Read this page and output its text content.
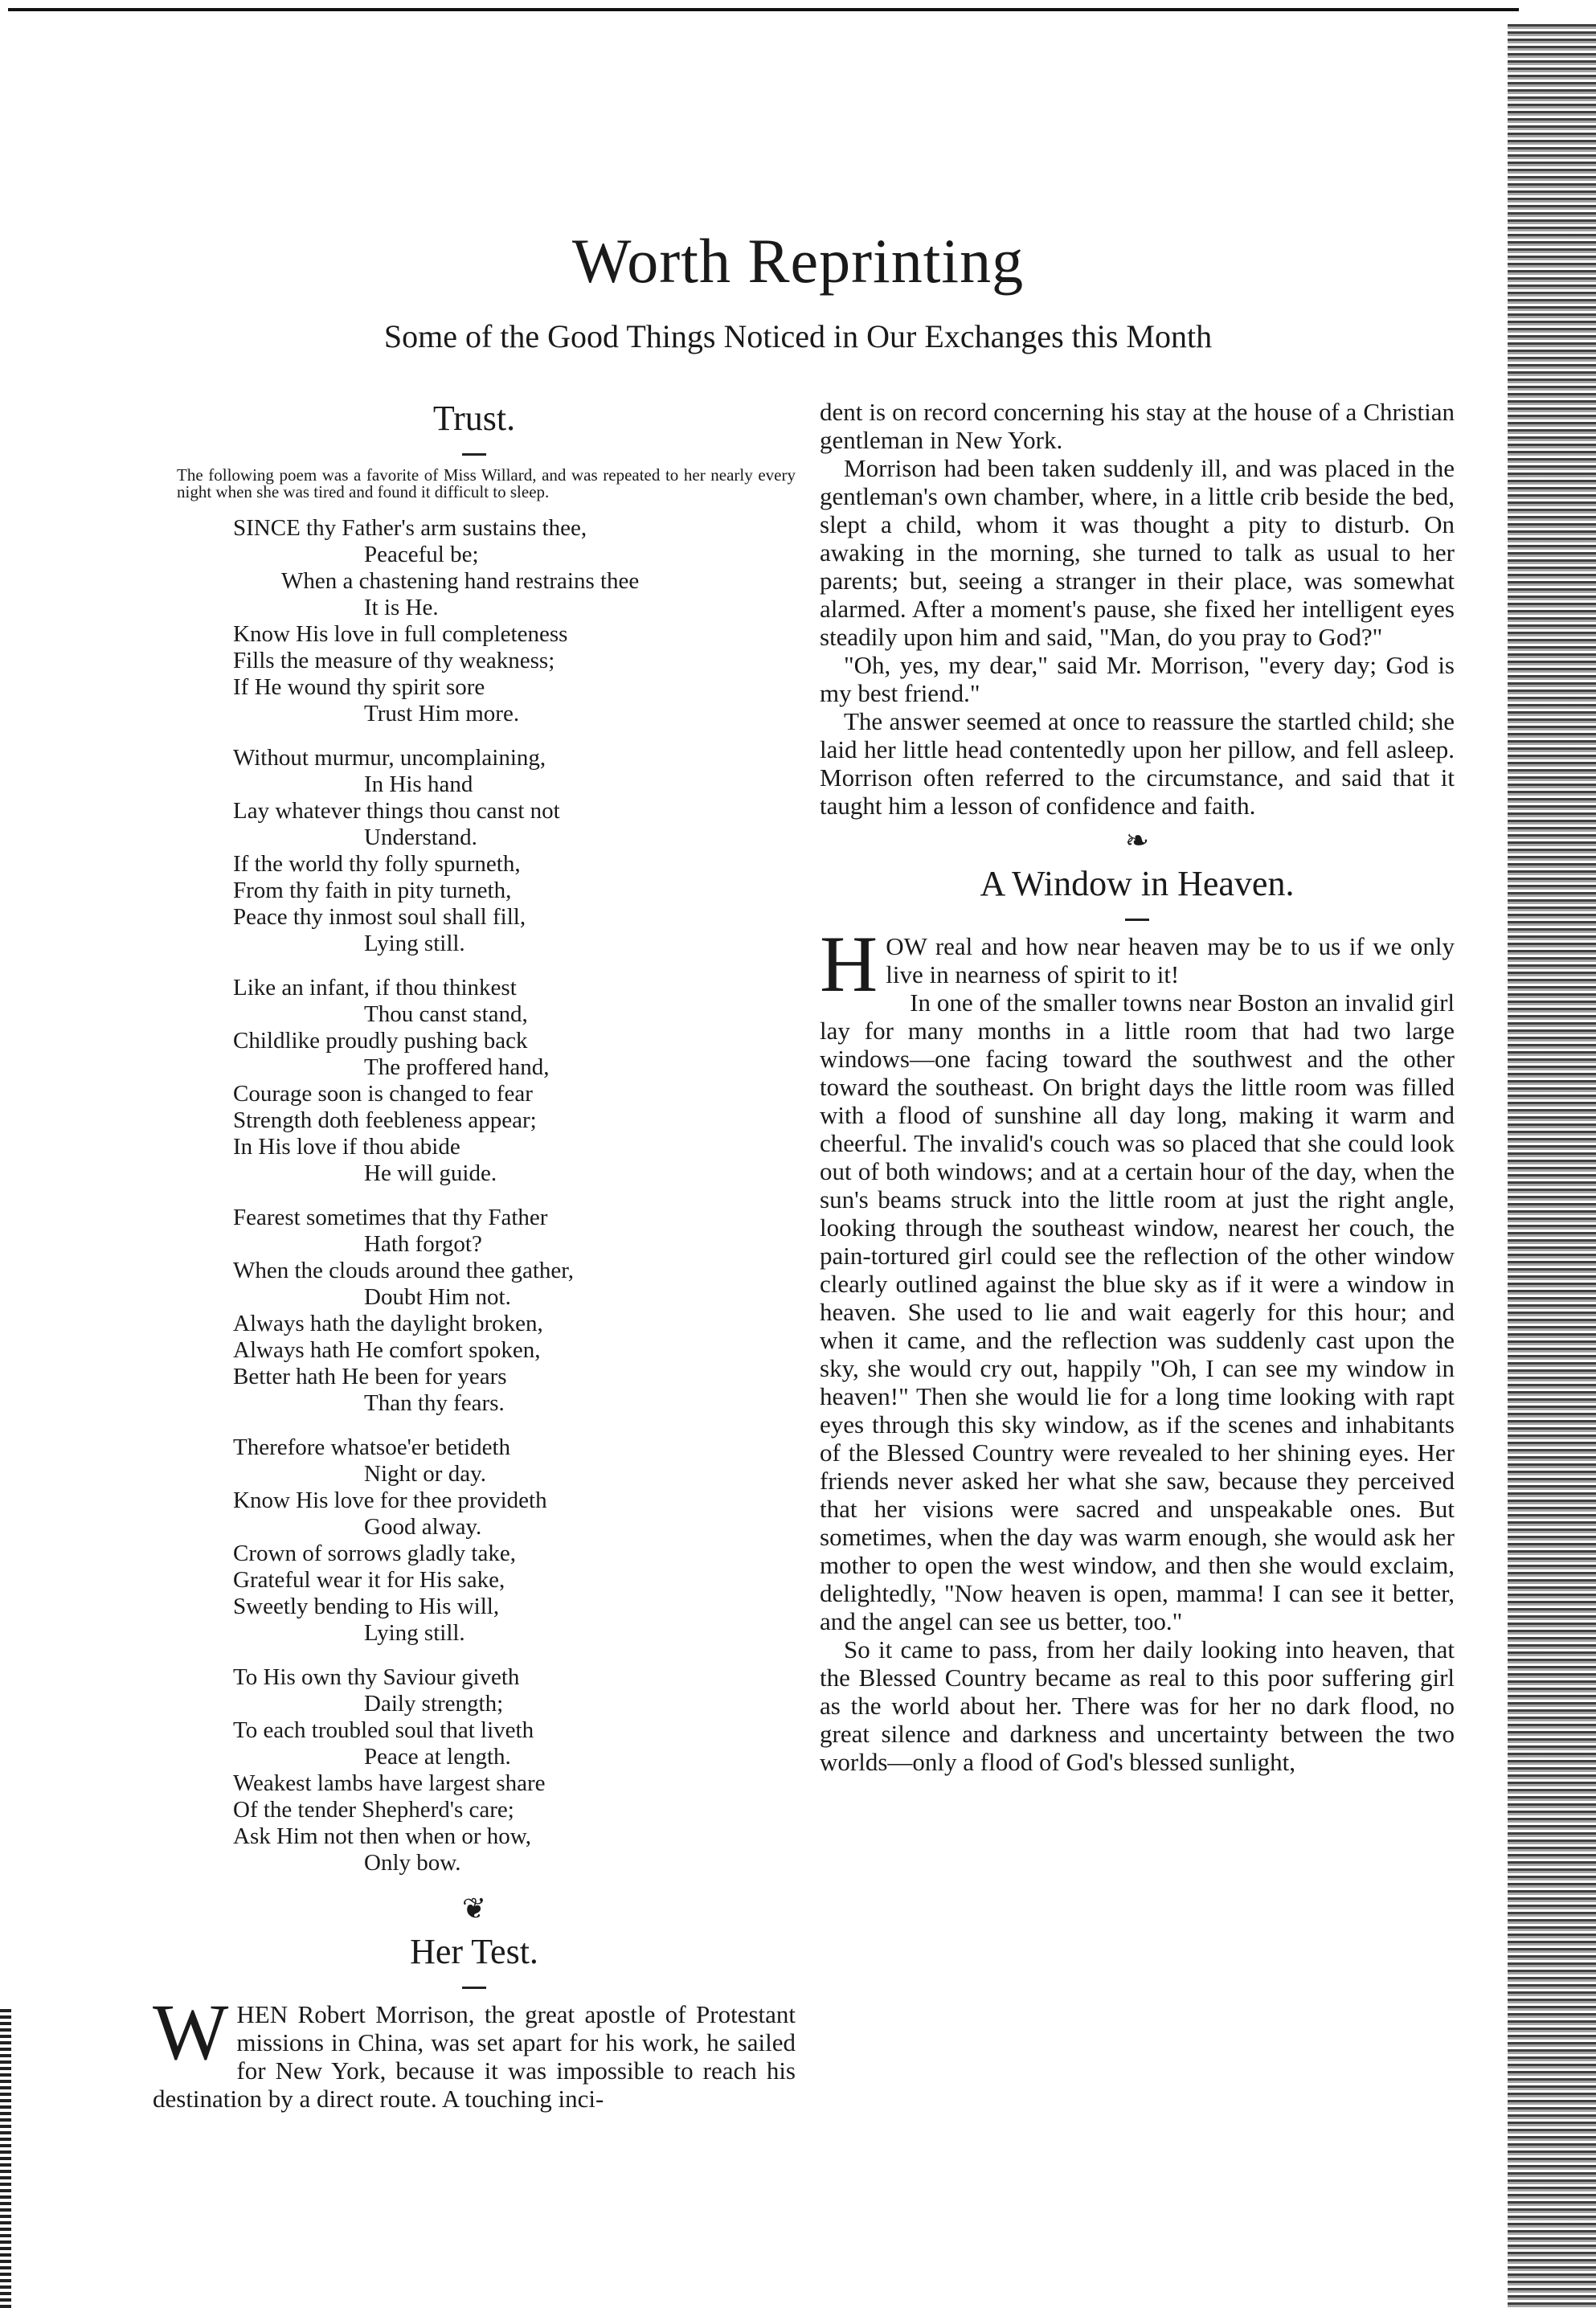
Worth Reprinting
Some of the Good Things Noticed in Our Exchanges this Month
Trust.

The following poem was a favorite of Miss Willard, and was repeated to her nearly every night when she was tired and found it difficult to sleep.

SINCE thy Father's arm sustains thee,
Peaceful be;
When a chastening hand restrains thee
It is He.
Know His love in full completeness
Fills the measure of thy weakness;
If He wound thy spirit sore
Trust Him more.
Without murmur, uncomplaining,
In His hand
Lay whatever things thou canst not
Understand.
If the world thy folly spurneth,
From thy faith in pity turneth,
Peace thy inmost soul shall fill,
Lying still.
Like an infant, if thou thinkest
Thou canst stand,
Childlike proudly pushing back
The proffered hand,
Courage soon is changed to fear
Strength doth feebleness appear;
In His love if thou abide
He will guide.
Fearest sometimes that thy Father
Hath forgot?
When the clouds around thee gather,
Doubt Him not.
Always hath the daylight broken,
Always hath He comfort spoken,
Better hath He been for years
Than thy fears.
Therefore whatsoe'er betideth
Night or day.
Know His love for thee provideth
Good alway.
Crown of sorrows gladly take,
Grateful wear it for His sake,
Sweetly bending to His will,
Lying still.
To His own thy Saviour giveth
Daily strength;
To each troubled soul that liveth
Peace at length.
Weakest lambs have largest share
Of the tender Shepherd's care;
Ask Him not then when or how,
Only bow.
❦
Her Test.

WHEN Robert Morrison, the great apostle of Protestant missions in China, was set apart for his work, he sailed for New York, because it was impossible to reach his destination by a direct route. A touching inci-

dent is on record concerning his stay at the house of a Christian gentleman in New York.

Morrison had been taken suddenly ill, and was placed in the gentleman's own chamber, where, in a little crib beside the bed, slept a child, whom it was thought a pity to disturb. On awaking in the morning, she turned to talk as usual to her parents; but, seeing a stranger in their place, was somewhat alarmed. After a moment's pause, she fixed her intelligent eyes steadily upon him and said, "Man, do you pray to God?"

"Oh, yes, my dear," said Mr. Morrison, "every day; God is my best friend."

The answer seemed at once to reassure the startled child; she laid her little head contentedly upon her pillow, and fell asleep. Morrison often referred to the circumstance, and said that it taught him a lesson of confidence and faith.

❧
A Window in Heaven.

HOW real and how near heaven may be to us if we only live in nearness of spirit to it!

In one of the smaller towns near Boston an invalid girl lay for many months in a little room that had two large windows—one facing toward the southwest and the other toward the southeast. On bright days the little room was filled with a flood of sunshine all day long, making it warm and cheerful. The invalid's couch was so placed that she could look out of both windows; and at a certain hour of the day, when the sun's beams struck into the little room at just the right angle, looking through the southeast window, nearest her couch, the pain-tortured girl could see the reflection of the other window clearly outlined against the blue sky as if it were a window in heaven. She used to lie and wait eagerly for this hour; and when it came, and the reflection was suddenly cast upon the sky, she would cry out, happily "Oh, I can see my window in heaven!" Then she would lie for a long time looking with rapt eyes through this sky window, as if the scenes and inhabitants of the Blessed Country were revealed to her shining eyes. Her friends never asked her what she saw, because they perceived that her visions were sacred and unspeakable ones. But sometimes, when the day was warm enough, she would ask her mother to open the west window, and then she would exclaim, delightedly, "Now heaven is open, mamma! I can see it better, and the angel can see us better, too."

So it came to pass, from her daily looking into heaven, that the Blessed Country became as real to this poor suffering girl as the world about her. There was for her no dark flood, no great silence and darkness and uncertainty between the two worlds—only a flood of God's blessed sunlight,
